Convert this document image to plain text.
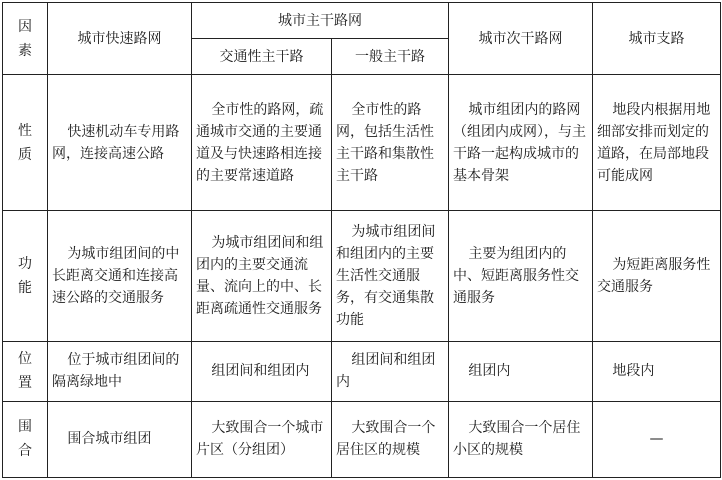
因素	城市快速路网	城市主干路网		城市次干路网	城市支路
		交通性主干路	一般主干路		
性质	快速机动车专用路网，连接高速公路	全市性的路网，疏通城市交通的主要通道及与快速路相连接的主要常速道路	全市性的路网，包括生活性主干路和集散性主干路	城市组团内的路网（组团内成网），与主干路一起构成城市的基本骨架	地段内根据用地细部安排而划定的道路，在局部地段可能成网
功能	为城市组团间的中长距离交通和连接高速公路的交通服务	为城市组团间和组团内的主要交通流量、流向上的中、长距离疏通性交通服务	为城市组团间和组团内的主要生活性交通服务，有交通集散功能	主要为组团内的中、短距离服务性交通服务	为短距离服务性交通服务
位置	位于城市组团间的隔离绿地中	组团间和组团内	组团间和组团内	组团内	地段内
围合	围合城市组团	大致围合一个城市片区（分组团）	大致围合一个居住区的规模	大致围合一个居住小区的规模	—
